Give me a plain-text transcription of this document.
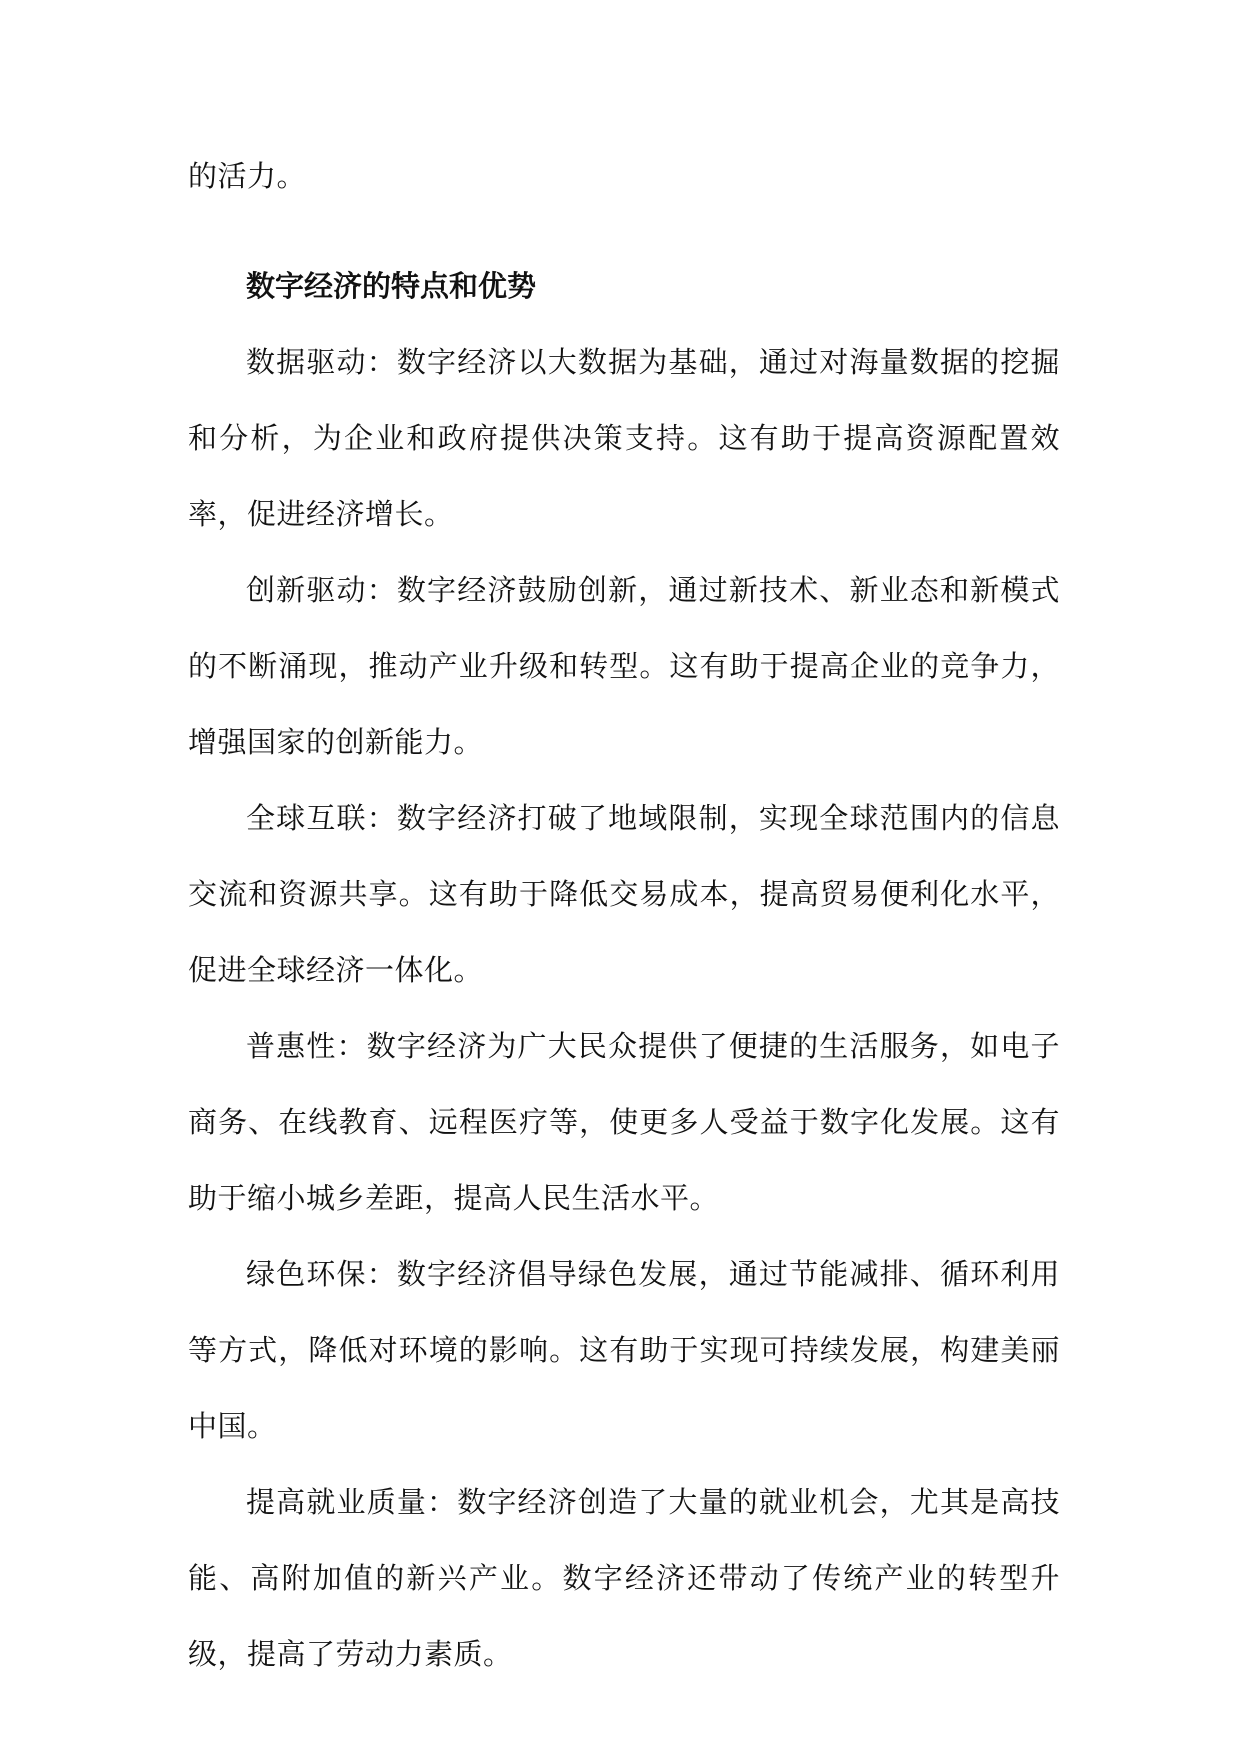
的活力。

数字经济的特点和优势

数据驱动：数字经济以大数据为基础，通过对海量数据的挖掘和分析，为企业和政府提供决策支持。这有助于提高资源配置效率，促进经济增长。

创新驱动：数字经济鼓励创新，通过新技术、新业态和新模式的不断涌现，推动产业升级和转型。这有助于提高企业的竞争力，增强国家的创新能力。

全球互联：数字经济打破了地域限制，实现全球范围内的信息交流和资源共享。这有助于降低交易成本，提高贸易便利化水平，促进全球经济一体化。

普惠性：数字经济为广大民众提供了便捷的生活服务，如电子商务、在线教育、远程医疗等，使更多人受益于数字化发展。这有助于缩小城乡差距，提高人民生活水平。

绿色环保：数字经济倡导绿色发展，通过节能减排、循环利用等方式，降低对环境的影响。这有助于实现可持续发展，构建美丽中国。

提高就业质量：数字经济创造了大量的就业机会，尤其是高技能、高附加值的新兴产业。数字经济还带动了传统产业的转型升级，提高了劳动力素质。
